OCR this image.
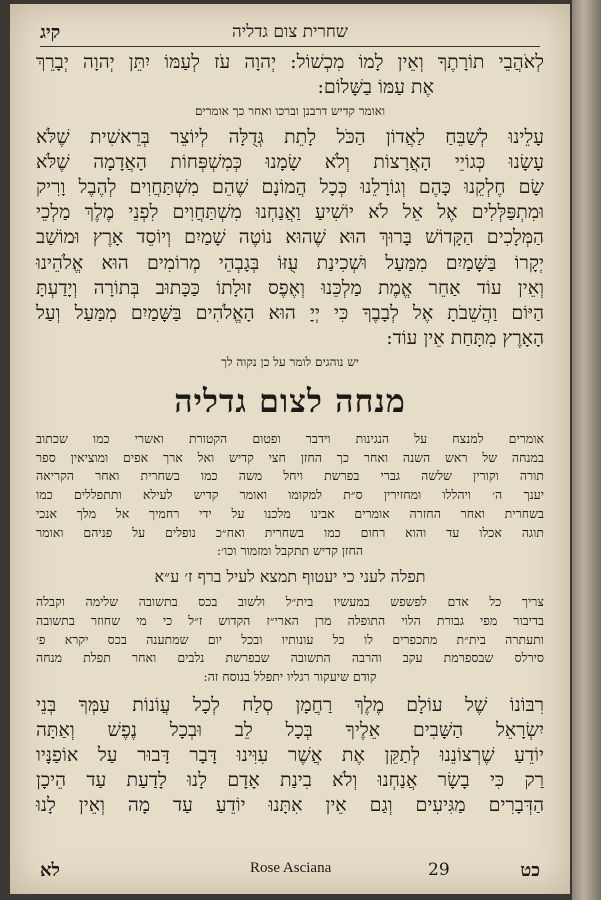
שחרית צום גדליה
קיג
לְאֹהֲבֵי תוֹרָתֶךָ וְאֵין לָמוֹ מִכְשׁוֹל: יְהוָה עֹז לְעַמּוֹ יִתֵּן יְהוָה יְבָרֵךְ
אֶת עַמּוֹ בַשָּׁלוֹם:
ואומר קדיש דרבנן וברכו ואחר כך אומרים
עָלֵינוּ לְשַׁבֵּחַ לַאֲדוֹן הַכֹּל לָתֵת גְּדֻלָּה לְיוֹצֵר בְּרֵאשִׁית שֶׁלֹּא
עָשָׂנוּ כְּגוֹיֵי הָאֲרָצוֹת וְלֹא שָׂמָנוּ כְּמִשְׁפְּחוֹת הָאֲדָמָה שֶׁלֹּא
שָׂם חֶלְקֵנוּ כָּהֶם וְגוֹרָלֵנוּ כְּכָל הֲמוֹנָם שֶׁהֵם מִשְׁתַּחֲוִים לְהֶבֶל וָרִיק
וּמִתְפַּלְּלִים אֶל אֵל לֹא יוֹשִׁיעַ וַאֲנַחְנוּ מִשְׁתַּחֲוִים לִפְנֵי מֶלֶךְ מַלְכֵי
הַמְּלָכִים הַקָּדוֹשׁ בָּרוּךְ הוּא שֶׁהוּא נוֹטֶה שָׁמַיִם וְיוֹסֵד אָרֶץ וּמוֹשַׁב
יְקָרוֹ בַּשָּׁמַיִם מִמַּעַל וּשְׁכִינַת עֻזּוֹ בְּגָבְהֵי מְרוֹמִים הוּא אֱלֹהֵינוּ
וְאֵין עוֹד אַחֵר אֱמֶת מַלְכֵּנוּ וְאֶפֶס זוּלָתוֹ כַּכָּתוּב בְּתוֹרָה וְיָדַעְתָּ
הַיּוֹם וַהֲשֵׁבֹתָ אֶל לְבָבֶךָ כִּי יְיָ הוּא הָאֱלֹהִים בַּשָּׁמַיִם מִמַּעַל וְעַל
הָאָרֶץ מִתָּחַת אֵין עוֹד:
יש נוהגים לומר על כן נקוה לך
מנחה לצום גדליה
אומרים למנצח על הנגינות וידבר ופטום הקטורת ואשרי כמו שכתוב
במנחה של ראש השנה ואחר כך החזן חצי קדיש ואל ארך אפים ומוציאין ספר
תורה וקורין שלשה גברי בפרשת ויחל משה כמו בשחרית ואחר הקריאה
יענך ה׳ ויהללו ומחזירין ס״ת למקומו ואומר קדיש לעילא ותתפללים כמו
בשחרית ואחר החזרה אומרים אבינו מלכנו על ידי רחמיך אל מלך אנכי
תוגה אכלו עד והוא רחום כמו בשחרית ואח״כ נופלים על פניהם ואומר
החזן קדיש תתקבל ומזמור וכו׳:
תפלה לעני כי יעטוף תמצא לעיל ברף ז׳ ע״א
צריך כל אדם לפשפש במעשיו בית״ל ולשוב בכס בתשובה שלימה וקבלה
בדיבור מפי גבורת הלוי התופלה מרן הארי״ז הקדוש ז״ל כי מי שחוזר בתשובה
ותעתרה בית״ת מתכפרים לו כל עונותיו ובכל יום שמתענה בכס יקרא פ׳
סירלס שבספרמת עקב והרבה התשובה שבפרשת נלבים ואחר תפלת מנחה
קודם שיעקור רגליו יתפלל בנוסח זה:
רִבּוֹנוֹ שֶׁל עוֹלָם מֶלֶךְ רַחֲמָן סְלַח לְכָל עֲוֹנוֹת עַמְּךָ בְּנֵי
יִשְׂרָאֵל הַשָּׁבִים אֵלֶיךָ בְּכָל לֵב וּבְכָל נֶפֶשׁ וְאַתָּה
יוֹדֵעַ שֶׁרְצוֹנֵנוּ לְתַקֵּן אֶת אֲשֶׁר עִוִּינוּ דָּבָר דָּבוּר עַל אוֹפַנָּיו
רַק כִּי בָשָׂר אֲנַחְנוּ וְלֹא בִינַת אָדָם לָנוּ לָדַעַת עַד הֵיכָן
הַדְּבָרִים מַגִּיעִים וְגַם אֵין אִתָּנוּ יוֹדֵעַ עַד מָה וְאֵין לָנוּ
לא	Rose Asciana	29	כט
